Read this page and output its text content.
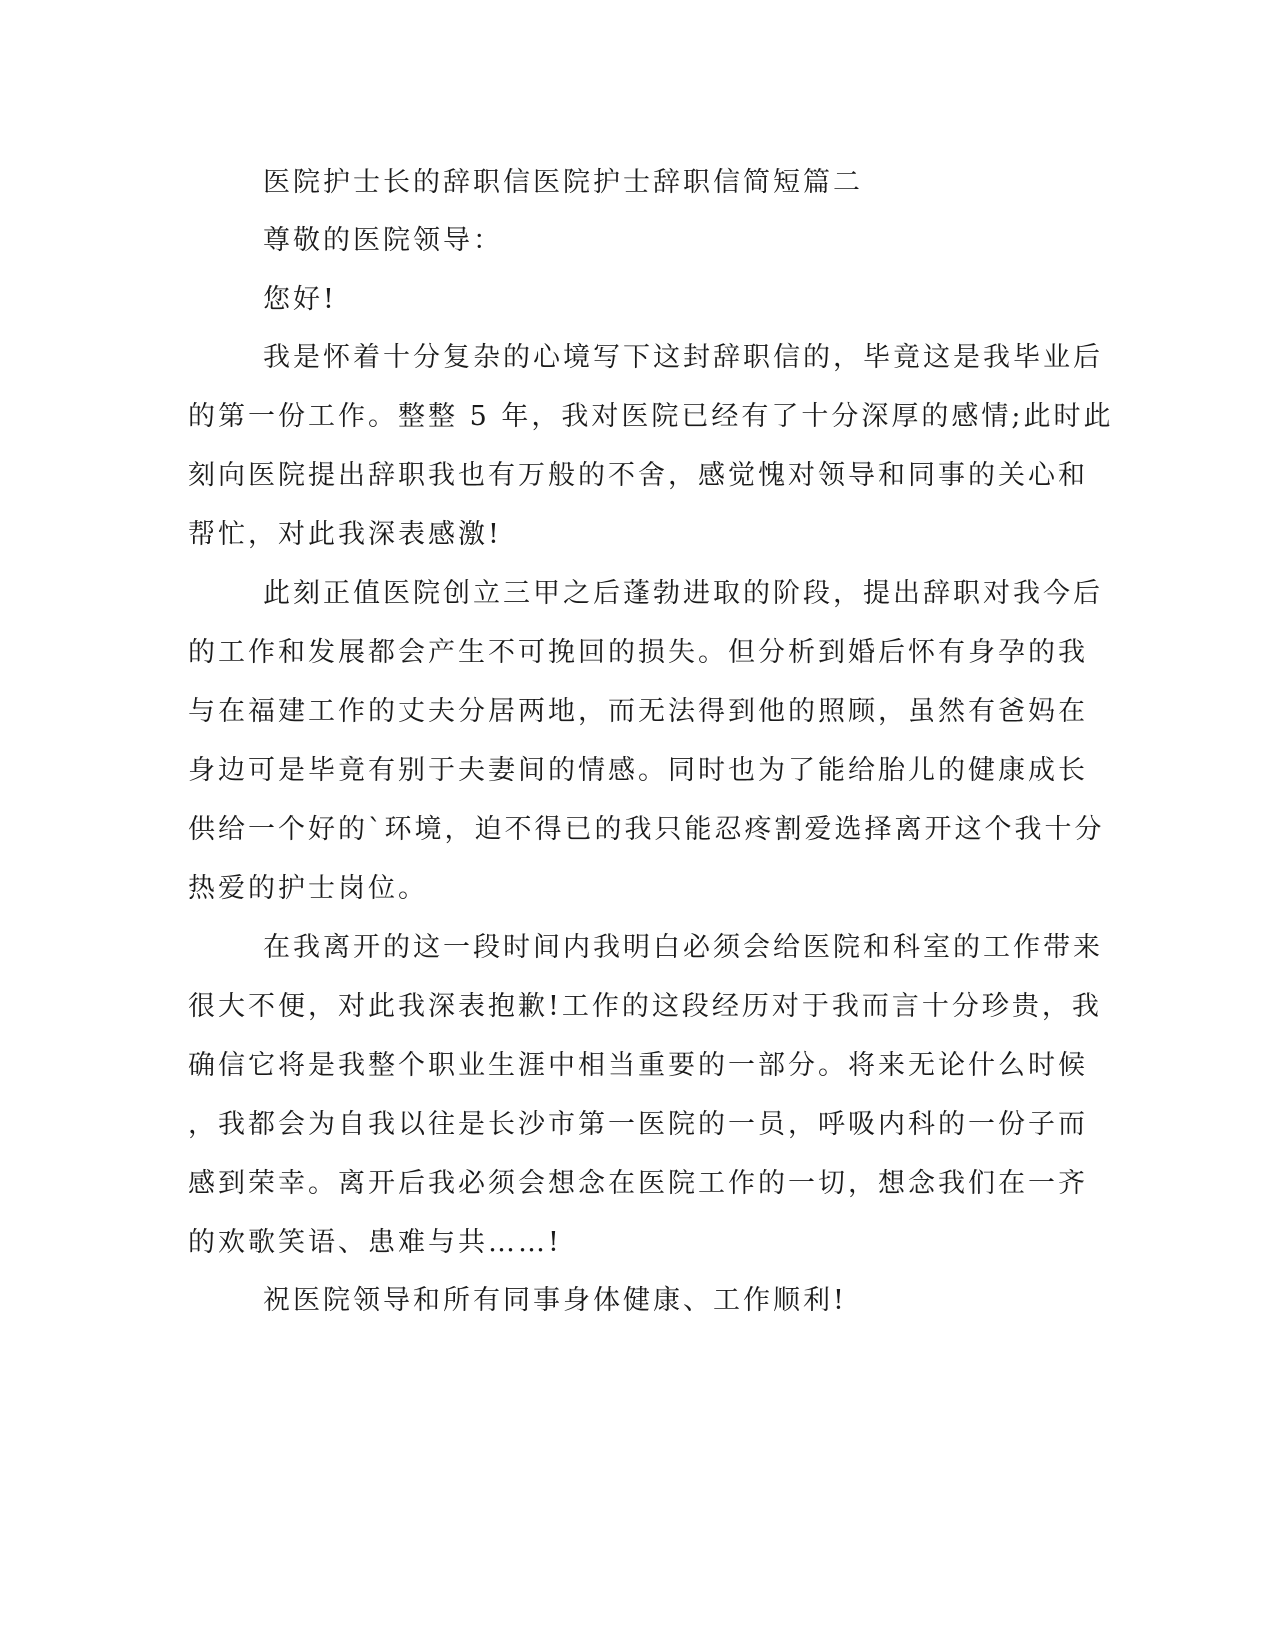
医院护士长的辞职信医院护士辞职信简短篇二
尊敬的医院领导：
您好!
我是怀着十分复杂的心境写下这封辞职信的，毕竟这是我毕业后
的第一份工作。整整 5 年，我对医院已经有了十分深厚的感情;此时此
刻向医院提出辞职我也有万般的不舍，感觉愧对领导和同事的关心和
帮忙，对此我深表感激!
此刻正值医院创立三甲之后蓬勃进取的阶段，提出辞职对我今后
的工作和发展都会产生不可挽回的损失。但分析到婚后怀有身孕的我
与在福建工作的丈夫分居两地，而无法得到他的照顾，虽然有爸妈在
身边可是毕竟有别于夫妻间的情感。同时也为了能给胎儿的健康成长
供给一个好的`环境，迫不得已的我只能忍疼割爱选择离开这个我十分
热爱的护士岗位。
在我离开的这一段时间内我明白必须会给医院和科室的工作带来
很大不便，对此我深表抱歉!工作的这段经历对于我而言十分珍贵，我
确信它将是我整个职业生涯中相当重要的一部分。将来无论什么时候
，我都会为自我以往是长沙市第一医院的一员，呼吸内科的一份子而
感到荣幸。离开后我必须会想念在医院工作的一切，想念我们在一齐
的欢歌笑语、患难与共……!
祝医院领导和所有同事身体健康、工作顺利!
